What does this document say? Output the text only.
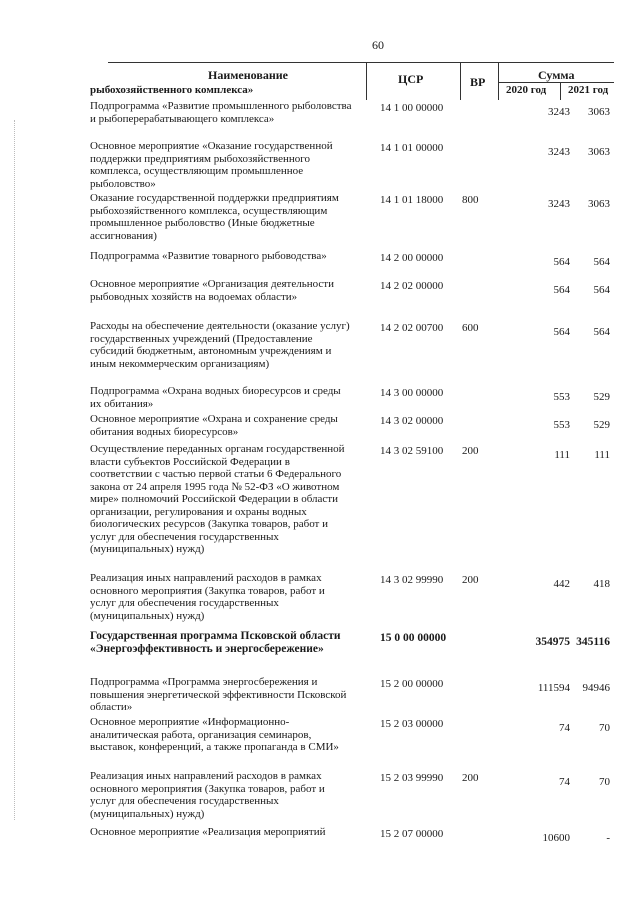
60
Наименование	ЦСР	ВР	Сумма
2020 год 2021 год
рыбохозяйственного комплекса»
Подпрограмма «Развитие промышленного рыболовства и рыбоперерабатывающего комплекса»
14 1 00 00000	3243	3063
Основное мероприятие «Оказание государственной поддержки предприятиям рыбохозяйственного комплекса, осуществляющим промышленное рыболовство»
14 1 01 00000	3243	3063
Оказание государственной поддержки предприятиям рыбохозяйственного комплекса, осуществляющим промышленное рыболовство (Иные бюджетные ассигнования)
14 1 01 18000 800	3243	3063
Подпрограмма «Развитие товарного рыбоводства»	14 2 00 00000	564	564
Основное мероприятие «Организация деятельности рыбоводных хозяйств на водоемах области»
14 2 02 00000	564	564
Расходы на обеспечение деятельности (оказание услуг) государственных учреждений (Предоставление субсидий бюджетным, автономным учреждениям и иным некоммерческим организациям)
14 2 02 00700 600	564	564
Подпрограмма «Охрана водных биоресурсов и среды их обитания»
14 3 00 00000	553	529
Основное мероприятие «Охрана и сохранение среды обитания водных биоресурсов»
14 3 02 00000	553	529
Осуществление переданных органам государственной власти субъектов Российской Федерации в соответствии с частью первой статьи 6 Федерального закона от 24 апреля 1995 года № 52-ФЗ «О животном мире» полномочий Российской Федерации в области организации, регулирования и охраны водных биологических ресурсов (Закупка товаров, работ и услуг для обеспечения государственных (муниципальных) нужд)
14 3 02 59100 200	111	111
Реализация иных направлений расходов в рамках основного мероприятия (Закупка товаров, работ и услуг для обеспечения государственных (муниципальных) нужд)
14 3 02 99990 200	442	418
Государственная программа Псковской области «Энергоэффективность и энергосбережение»
15 0 00 00000	354975 345116
Подпрограмма «Программа энергосбережения и повышения энергетической эффективности Псковской области»
15 2 00 00000	111594	94946
Основное мероприятие «Информационно-аналитическая работа, организация семинаров, выставок, конференций, а также пропаганда в СМИ»
15 2 03 00000	74	70
Реализация иных направлений расходов в рамках основного мероприятия (Закупка товаров, работ и услуг для обеспечения государственных (муниципальных) нужд)
15 2 03 99990 200	74	70
Основное мероприятие «Реализация мероприятий	15 2 07 00000	10600	-
